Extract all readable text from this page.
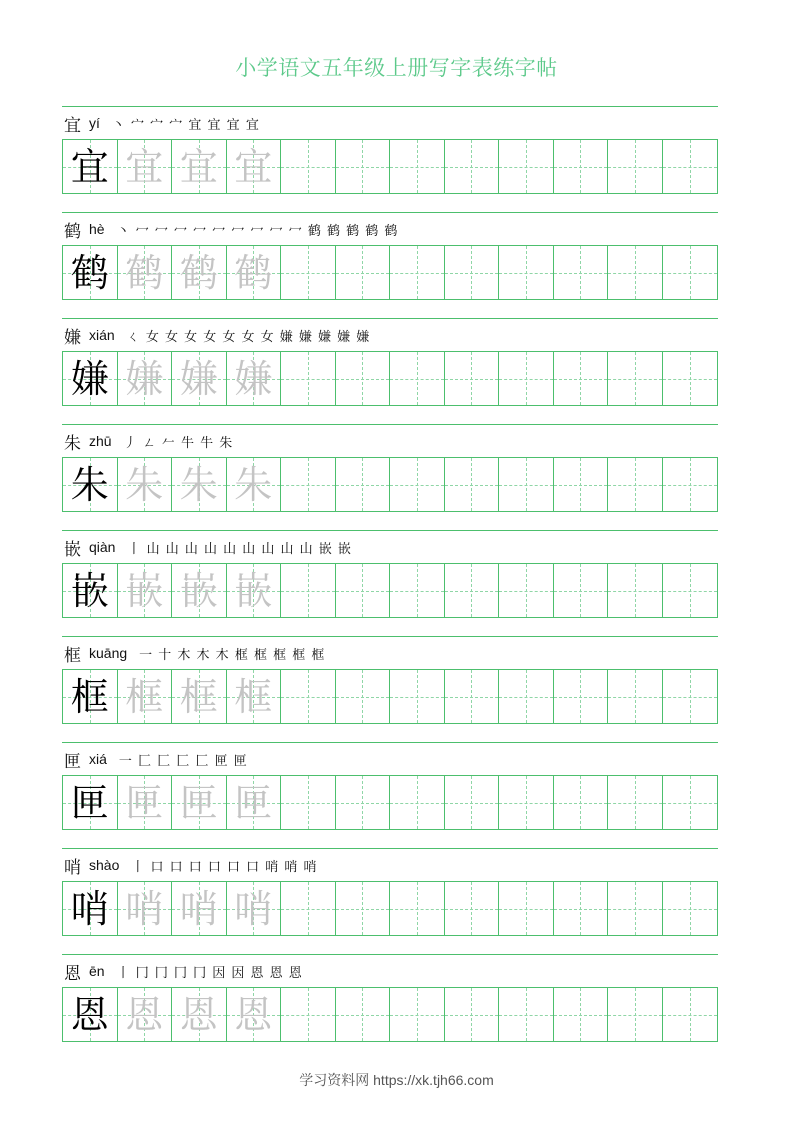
小学语文五年级上册写字表练字帖
宜 yí 丶 宀 宀 宀 宜 宜 宜 宜
宜 宜 宜 宜
鹤 hè 丶 冖 冖 冖 冖 冖 冖 冖 冖 冖 鹤 鹤 鹤 鹤 鹤
鹤 鹤 鹤 鹤
嫌 xián ㄑ 女 女 女 女 女 女 女 嫌 嫌 嫌 嫌 嫌
嫌 嫌 嫌 嫌
朱 zhū 丿 ㄥ 𠂉 牛 牛 朱
朱 朱 朱 朱
嵌 qiàn 丨 山 山 山 山 山 山 山 山 山 嵌 嵌
嵌 嵌 嵌 嵌
框 kuāng 一 十 木 木 木 框 框 框 框 框
框 框 框 框
匣 xiá 一 匚 匚 匚 匚 匣 匣
匣 匣 匣 匣
哨 shào 丨 口 口 口 口 口 口 哨 哨 哨
哨 哨 哨 哨
恩 ēn 丨 冂 冂 冂 冂 因 因 恩 恩 恩
恩 恩 恩 恩
学习资料网 https://xk.tjh66.com
